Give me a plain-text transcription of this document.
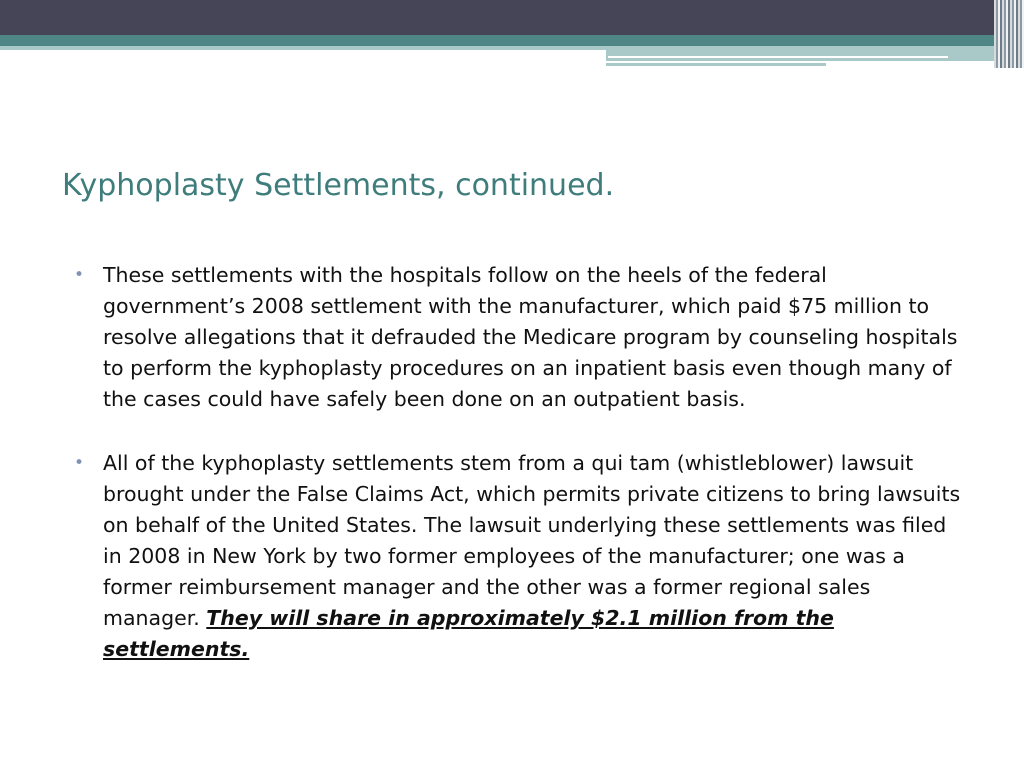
Kyphoplasty Settlements, continued.

• These settlements with the hospitals follow on the heels of the federal government’s 2008 settlement with the manufacturer, which paid $75 million to resolve allegations that it defrauded the Medicare program by counseling hospitals to perform the kyphoplasty procedures on an inpatient basis even though many of the cases could have safely been done on an outpatient basis.

• All of the kyphoplasty settlements stem from a qui tam (whistleblower) lawsuit brought under the False Claims Act, which permits private citizens to bring lawsuits on behalf of the United States. The lawsuit underlying these settlements was filed in 2008 in New York by two former employees of the manufacturer; one was a former reimbursement manager and the other was a former regional sales manager. They will share in approximately $2.1 million from the settlements.
